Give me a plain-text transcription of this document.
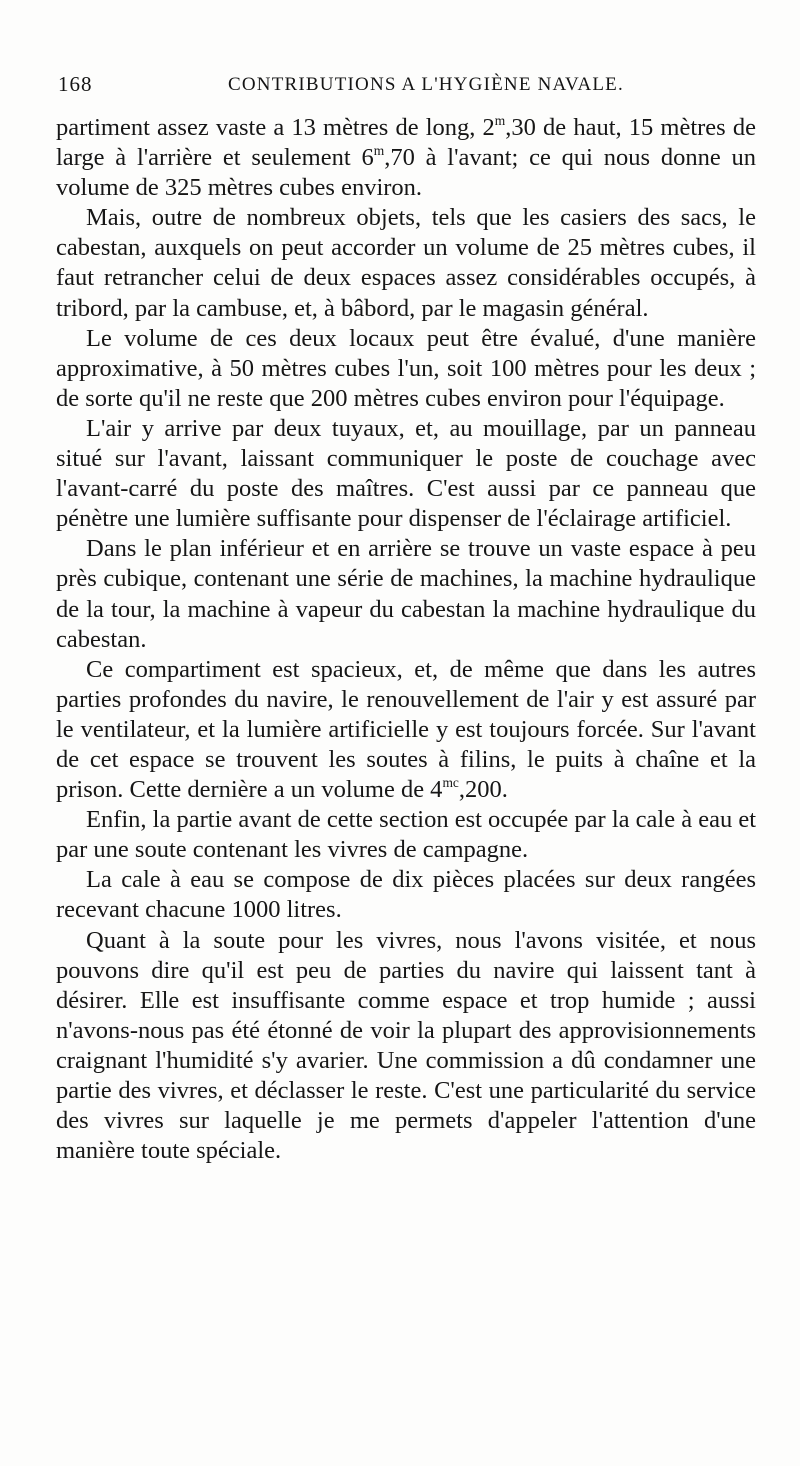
168	CONTRIBUTIONS A L'HYGIÈNE NAVALE.

partiment assez vaste a 13 mètres de long, 2$^m$,30 de haut, 15 mètres de large à l'arrière et seulement 6$^m$,70 à l'avant; ce qui nous donne un volume de 325 mètres cubes environ.

Mais, outre de nombreux objets, tels que les casiers des sacs, le cabestan, auxquels on peut accorder un volume de 25 mètres cubes, il faut retrancher celui de deux espaces assez considérables occupés, à tribord, par la cambuse, et, à bâbord, par le magasin général.

Le volume de ces deux locaux peut être évalué, d'une manière approximative, à 50 mètres cubes l'un, soit 100 mètres pour les deux ; de sorte qu'il ne reste que 200 mètres cubes environ pour l'équipage.

L'air y arrive par deux tuyaux, et, au mouillage, par un panneau situé sur l'avant, laissant communiquer le poste de couchage avec l'avant-carré du poste des maîtres. C'est aussi par ce panneau que pénètre une lumière suffisante pour dispenser de l'éclairage artificiel.

Dans le plan inférieur et en arrière se trouve un vaste espace à peu près cubique, contenant une série de machines, la machine hydraulique de la tour, la machine à vapeur du cabestan la machine hydraulique du cabestan.

Ce compartiment est spacieux, et, de même que dans les autres parties profondes du navire, le renouvellement de l'air y est assuré par le ventilateur, et la lumière artificielle y est toujours forcée. Sur l'avant de cet espace se trouvent les soutes à filins, le puits à chaîne et la prison. Cette dernière a un volume de $4^{mc},200$.

Enfin, la partie avant de cette section est occupée par la cale à eau et par une soute contenant les vivres de campagne.

La cale à eau se compose de dix pièces placées sur deux rangées recevant chacune 1000 litres.

Quant à la soute pour les vivres, nous l'avons visitée, et nous pouvons dire qu'il est peu de parties du navire qui laissent tant à désirer. Elle est insuffisante comme espace et trop humide ; aussi n'avons-nous pas été étonné de voir la plupart des approvisionnements craignant l'humidité s'y avarier. Une commission a dû condamner une partie des vivres, et déclasser le reste. C'est une particularité du service des vivres sur laquelle je me permets d'appeler l'attention d'une manière toute spéciale.
